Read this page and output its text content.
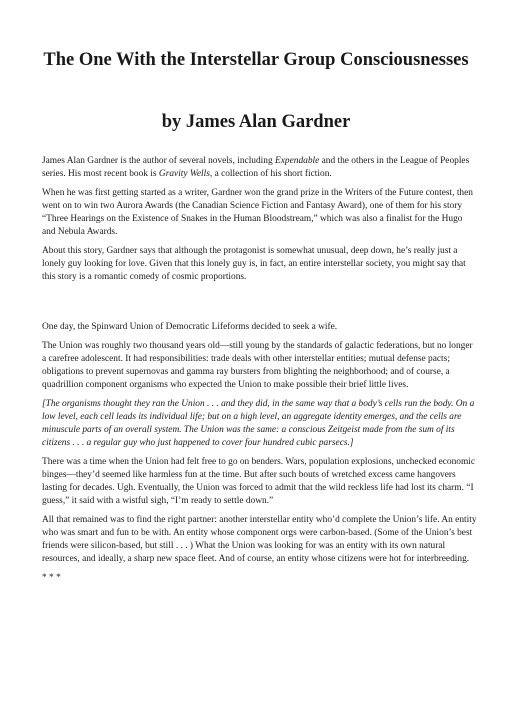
The One With the Interstellar Group Consciousnesses
by James Alan Gardner

James Alan Gardner is the author of several novels, including Expendable and the others in the League of Peoples series. His most recent book is Gravity Wells, a collection of his short fiction.

When he was first getting started as a writer, Gardner won the grand prize in the Writers of the Future contest, then went on to win two Aurora Awards (the Canadian Science Fiction and Fantasy Award), one of them for his story “Three Hearings on the Existence of Snakes in the Human Bloodstream,” which was also a finalist for the Hugo and Nebula Awards.

About this story, Gardner says that although the protagonist is somewhat unusual, deep down, he’s really just a lonely guy looking for love. Given that this lonely guy is, in fact, an entire interstellar society, you might say that this story is a romantic comedy of cosmic proportions.

One day, the Spinward Union of Democratic Lifeforms decided to seek a wife.

The Union was roughly two thousand years old—still young by the standards of galactic federations, but no longer a carefree adolescent. It had responsibilities: trade deals with other interstellar entities; mutual defense pacts; obligations to prevent supernovas and gamma ray bursters from blighting the neighborhood; and of course, a quadrillion component organisms who expected the Union to make possible their brief little lives.

[The organisms thought they ran the Union . . . and they did, in the same way that a body’s cells run the body. On a low level, each cell leads its individual life; but on a high level, an aggregate identity emerges, and the cells are minuscule parts of an overall system. The Union was the same: a conscious Zeitgeist made from the sum of its citizens . . . a regular guy who just happened to cover four hundred cubic parsecs.]

There was a time when the Union had felt free to go on benders. Wars, population explosions, unchecked economic binges—they’d seemed like harmless fun at the time. But after such bouts of wretched excess came hangovers lasting for decades. Ugh. Eventually, the Union was forced to admit that the wild reckless life had lost its charm. “I guess,” it said with a wistful sigh, “I’m ready to settle down.”

All that remained was to find the right partner: another interstellar entity who’d complete the Union’s life. An entity who was smart and fun to be with. An entity whose component orgs were carbon-based. (Some of the Union’s best friends were silicon-based, but still . . . ) What the Union was looking for was an entity with its own natural resources, and ideally, a sharp new space fleet. And of course, an entity whose citizens were hot for interbreeding.

* * *
